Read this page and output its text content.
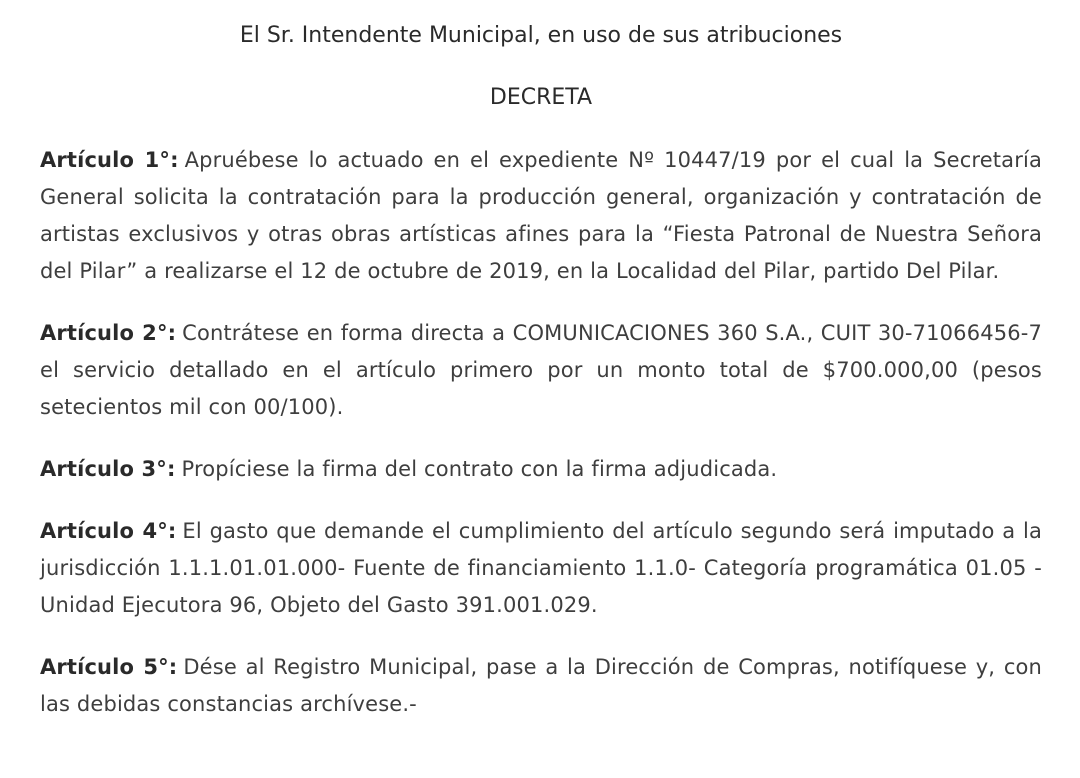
El Sr. Intendente Municipal, en uso de sus atribuciones

DECRETA

Artículo 1°: Apruébese lo actuado en el expediente Nº 10447/19 por el cual la Secretaría General solicita la contratación para la producción general, organización y contratación de artistas exclusivos y otras obras artísticas afines para la “Fiesta Patronal de Nuestra Señora del Pilar” a realizarse el 12 de octubre de 2019, en la Localidad del Pilar, partido Del Pilar.

Artículo 2°: Contrátese en forma directa a COMUNICACIONES 360 S.A., CUIT 30-71066456-7 el servicio detallado en el artículo primero por un monto total de $700.000,00 (pesos setecientos mil con 00/100).

Artículo 3°: Propíciese la firma del contrato con la firma adjudicada.

Artículo 4°: El gasto que demande el cumplimiento del artículo segundo será imputado a la jurisdicción 1.1.1.01.01.000- Fuente de financiamiento 1.1.0- Categoría programática 01.05 - Unidad Ejecutora 96, Objeto del Gasto 391.001.029.

Artículo 5°: Dése al Registro Municipal, pase a la Dirección de Compras, notifíquese y, con las debidas constancias archívese.-
